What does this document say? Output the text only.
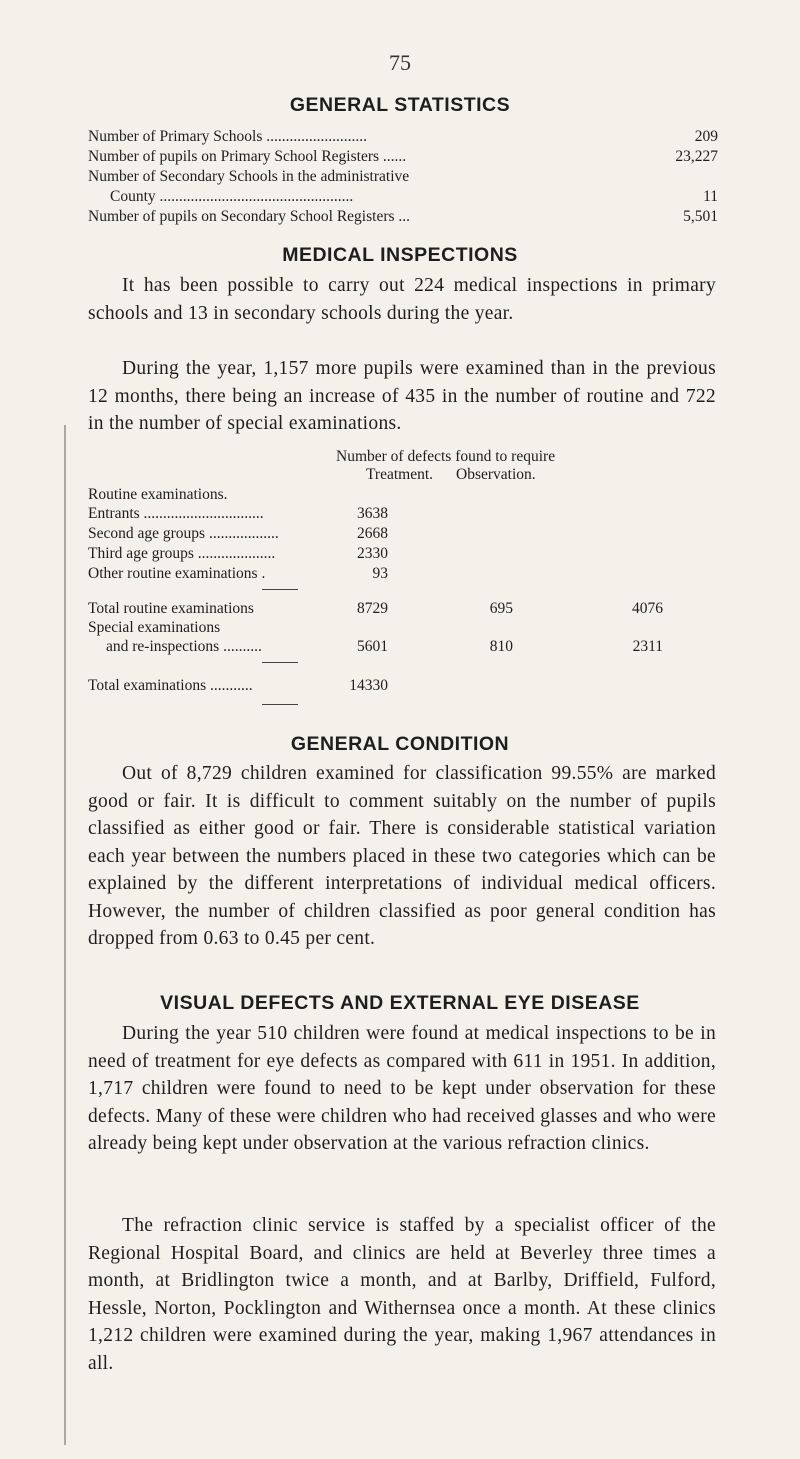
75
GENERAL STATISTICS
Number of Primary Schools ..........................	209
Number of pupils on Primary School Registers ......	23,227
Number of Secondary Schools in the administrative
County ..................................................	11
Number of pupils on Secondary School Registers ...	5,501
MEDICAL INSPECTIONS
It has been possible to carry out 224 medical inspections in primary schools and 13 in secondary schools during the year.
During the year, 1,157 more pupils were examined than in the previous 12 months, there being an increase of 435 in the number of routine and 722 in the number of special examinations.
Number of defects found to require
Treatment. Observation.
Routine examinations.
Entrants ...............................	3638
Second age groups ..................	2668
Third age groups ....................	2330
Other routine examinations .	93
Total routine examinations	8729	695	4076
Special examinations
and re-inspections ..........	5601	810	2311
Total examinations ...........	14330
GENERAL CONDITION
Out of 8,729 children examined for classification 99.55% are marked good or fair. It is difficult to comment suitably on the number of pupils classified as either good or fair. There is considerable statistical variation each year between the numbers placed in these two categories which can be explained by the different interpretations of individual medical officers. However, the number of children classified as poor general condition has dropped from 0.63 to 0.45 per cent.
VISUAL DEFECTS AND EXTERNAL EYE DISEASE
During the year 510 children were found at medical inspections to be in need of treatment for eye defects as compared with 611 in 1951. In addition, 1,717 children were found to need to be kept under observation for these defects. Many of these were children who had received glasses and who were already being kept under observation at the various refraction clinics.
The refraction clinic service is staffed by a specialist officer of the Regional Hospital Board, and clinics are held at Beverley three times a month, at Bridlington twice a month, and at Barlby, Driffield, Fulford, Hessle, Norton, Pocklington and Withernsea once a month. At these clinics 1,212 children were examined during the year, making 1,967 attendances in all.
